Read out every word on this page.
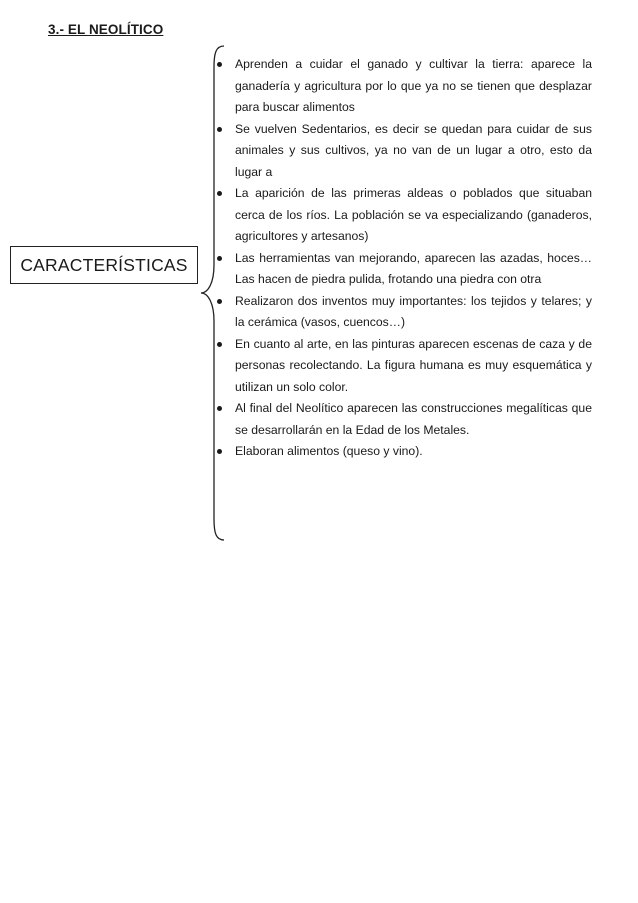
3.- EL NEOLÍTICO
CARACTERÍSTICAS
Aprenden a cuidar el ganado y cultivar la tierra: aparece la ganadería y agricultura por lo que ya no se tienen que desplazar para buscar alimentos
Se vuelven Sedentarios, es decir se quedan para cuidar de sus animales y sus cultivos, ya no van de un lugar a otro, esto da lugar a
La aparición de las primeras aldeas o poblados que situaban cerca de los ríos. La población se va especializando (ganaderos, agricultores y artesanos)
Las herramientas van mejorando, aparecen las azadas, hoces…Las hacen de piedra pulida, frotando una piedra con otra
Realizaron dos inventos muy importantes: los tejidos y telares; y la cerámica (vasos, cuencos…)
En cuanto al arte, en las pinturas aparecen escenas de caza y de personas recolectando. La figura humana es muy esquemática y utilizan un solo color.
Al final del Neolítico aparecen las construcciones megalíticas que se desarrollarán en la Edad de los Metales.
Elaboran alimentos (queso y vino).
